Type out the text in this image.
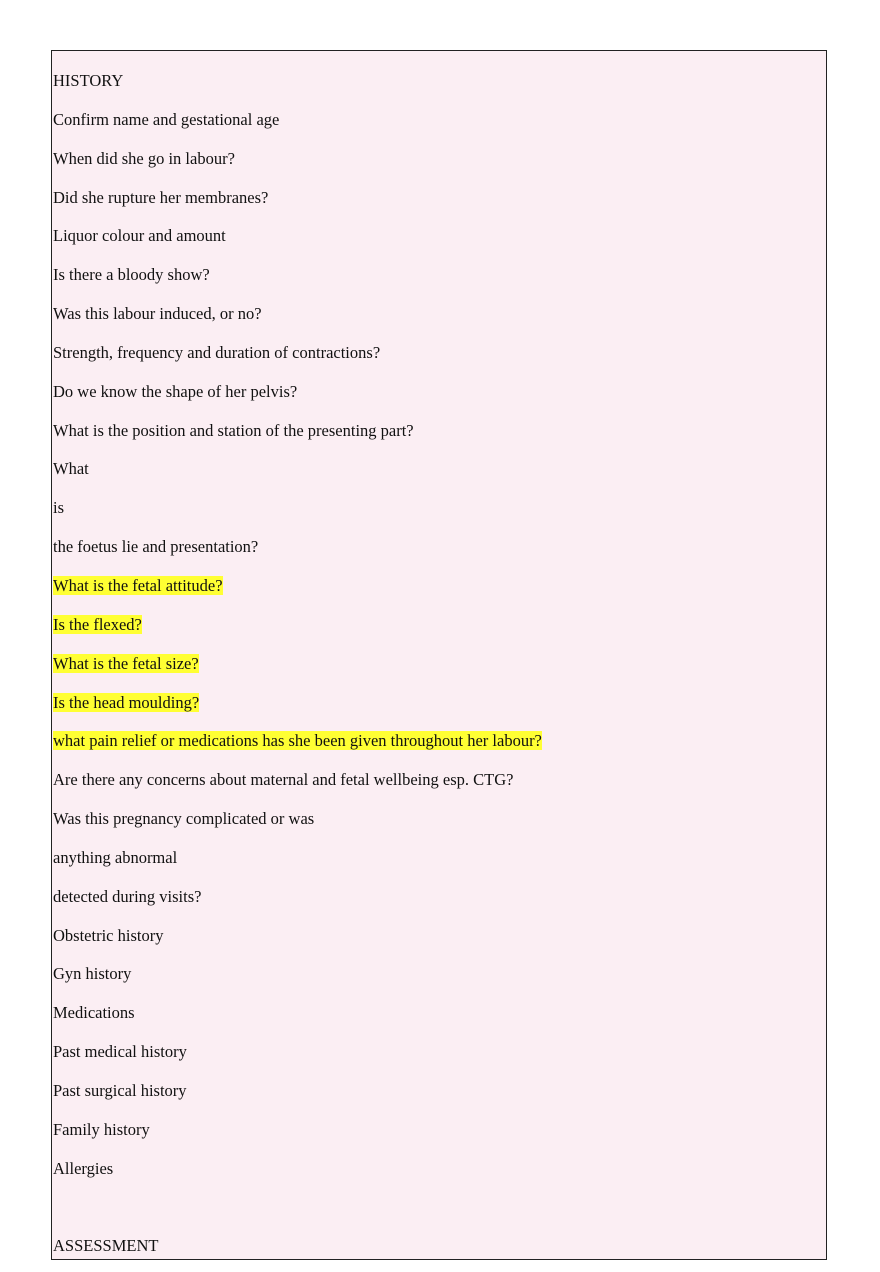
HISTORY
Confirm name and gestational age
When did she go in labour?
Did she rupture her membranes?
Liquor colour and amount
Is there a bloody show?
Was this labour induced, or no?
Strength, frequency and duration of contractions?
Do we know the shape of her pelvis?
What is the position and station of the presenting part?
What
is
the foetus lie and presentation?
What is the fetal attitude?
Is the flexed?
What is the fetal size?
Is the head moulding?
what pain relief or medications has she been given throughout her labour?
Are there any concerns about maternal and fetal wellbeing esp. CTG?
Was this pregnancy complicated or was
anything abnormal
detected during visits?
Obstetric history
Gyn history
Medications
Past medical history
Past surgical history
Family history
Allergies
ASSESSMENT
